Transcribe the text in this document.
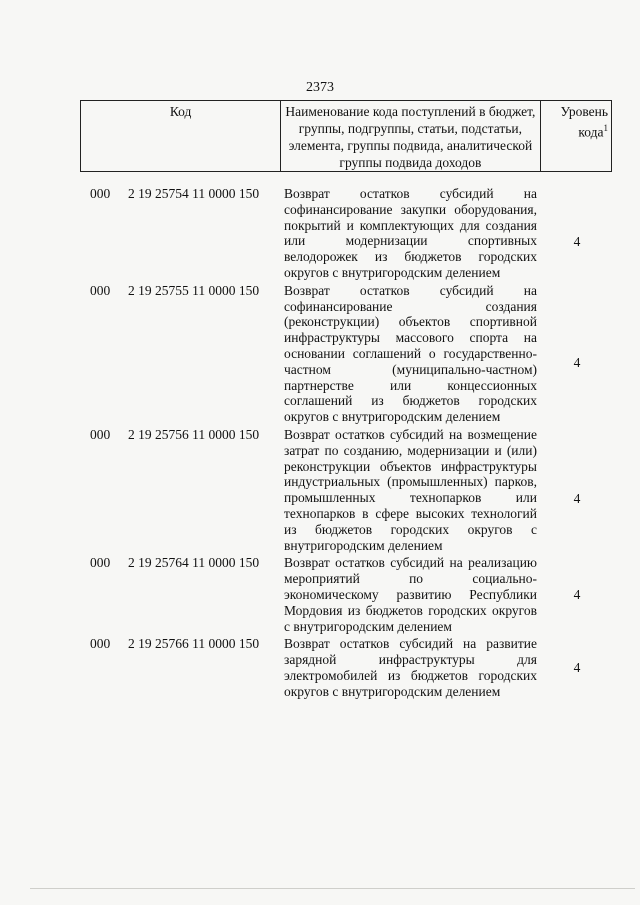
2373
Код	Наименование кода поступлений в бюджет, группы, подгруппы, статьи, подстатьи, элемента, группы подвида, аналитической группы подвида доходов	Уровень кода$^1$
000	2 19 25754 11 0000 150 Возврат остатков субсидий на софинансирование закупки оборудования, покрытий и комплектующих для создания или модернизации спортивных велодорожек из бюджетов городских округов с внутригородским делением
4
000	2 19 25755 11 0000 150 Возврат остатков субсидий на софинансирование создания (реконструкции) объектов спортивной инфраструктуры массового спорта на основании соглашений о государственно-частном (муниципально-частном) партнерстве или концессионных соглашений из бюджетов городских округов с внутригородским делением
4
000	2 19 25756 11 0000 150 Возврат остатков субсидий на возмещение затрат по созданию, модернизации и (или) реконструкции объектов инфраструктуры индустриальных (промышленных) парков, промышленных технопарков или технопарков в сфере высоких технологий из бюджетов городских округов с внутригородским делением
4
000	2 19 25764 11 0000 150 Возврат остатков субсидий на реализацию мероприятий по социально-экономическому развитию Республики Мордовия из бюджетов городских округов с внутригородским делением
4
000	2 19 25766 11 0000 150 Возврат остатков субсидий на развитие зарядной инфраструктуры для электромобилей из бюджетов городских округов с внутригородским делением
4
